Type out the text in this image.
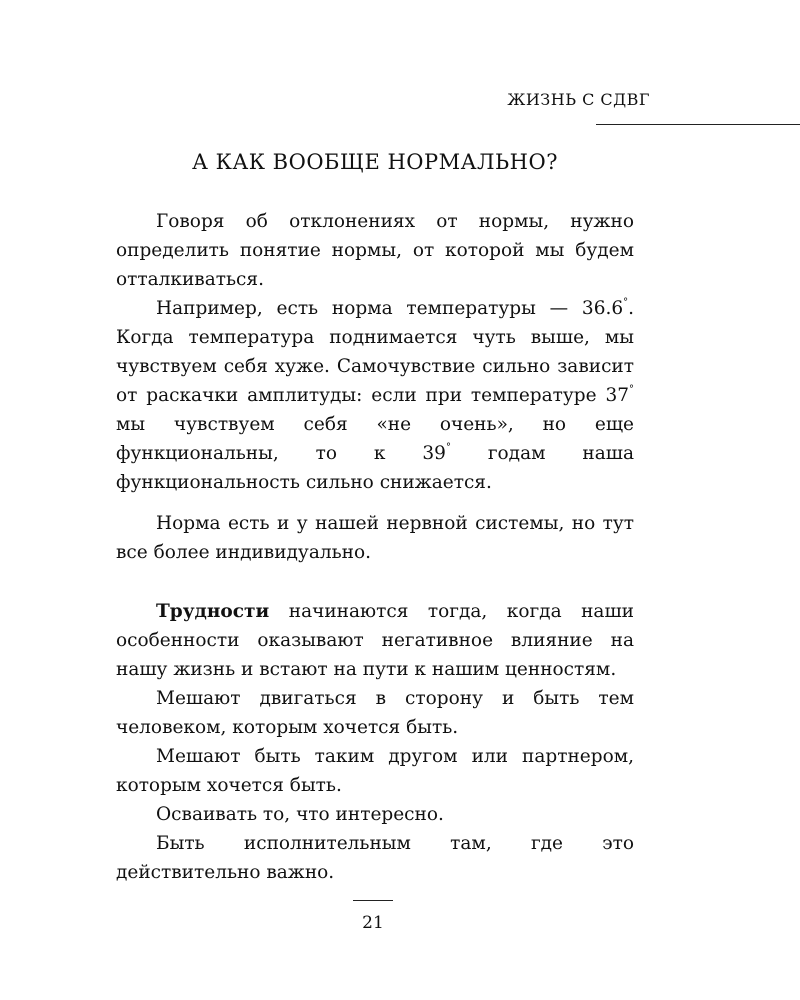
ЖИЗНЬ С СДВГ
А КАК ВООБЩЕ НОРМАЛЬНО?

Говоря об отклонениях от нормы, нужно определить понятие нормы, от которой мы будем отталкиваться.

Например, есть норма температуры — 36.6°. Когда температура поднимается чуть выше, мы чувствуем себя хуже. Самочувствие сильно зависит от раскачки амплитуды: если при температуре 37° мы чувствуем себя «не очень», но еще функциональны, то к 39° годам наша функциональность сильно снижается.

Норма есть и у нашей нервной системы, но тут все более индивидуально.

Трудности начинаются тогда, когда наши особенности оказывают негативное влияние на нашу жизнь и встают на пути к нашим ценностям.

Мешают двигаться в сторону и быть тем человеком, которым хочется быть.

Мешают быть таким другом или партнером, которым хочется быть.

Осваивать то, что интересно.

Быть исполнительным там, где это действительно важно.

21
